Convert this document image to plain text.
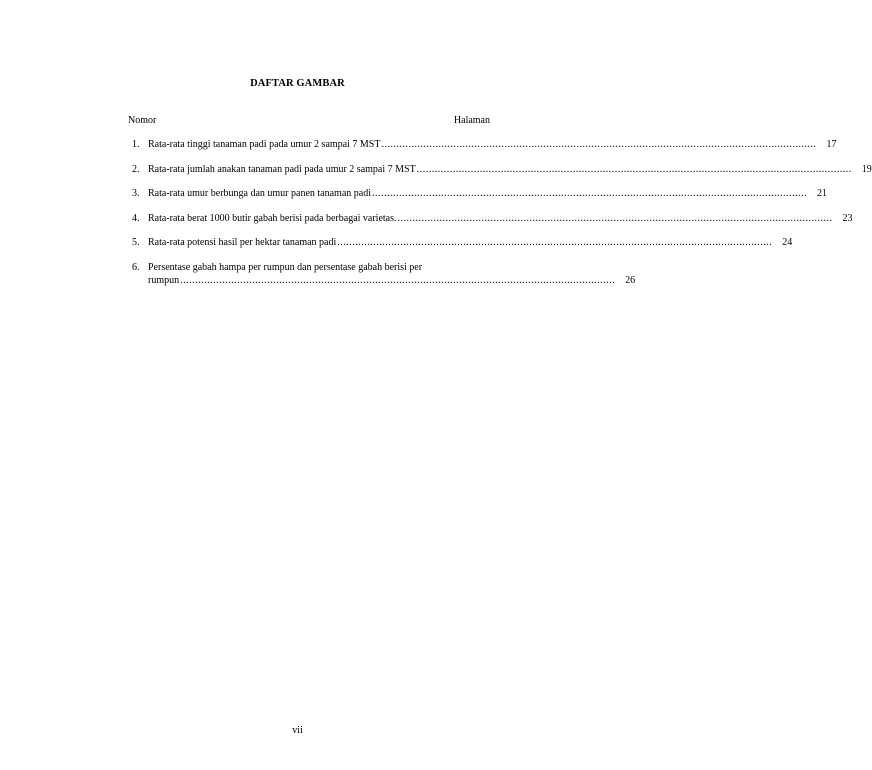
DAFTAR GAMBAR
Nomor	Halaman
1. Rata-rata tinggi tanaman padi pada umur 2 sampai 7 MST .................................................................................................................................................	17
2. Rata-rata jumlah anakan tanaman padi pada umur 2 sampai 7 MST .................................................................................................................................................	19
3. Rata-rata umur berbunga dan umur panen tanaman padi .................................................................................................................................................	21
4. Rata-rata berat 1000 butir gabah berisi pada berbagai varietas. .................................................................................................................................................	23
5. Rata-rata potensi hasil per hektar tanaman padi .................................................................................................................................................	24
6. Persentase gabah hampa per rumpun dan persentase gabah berisi per
rumpun .................................................................................................................................................	26
vii
